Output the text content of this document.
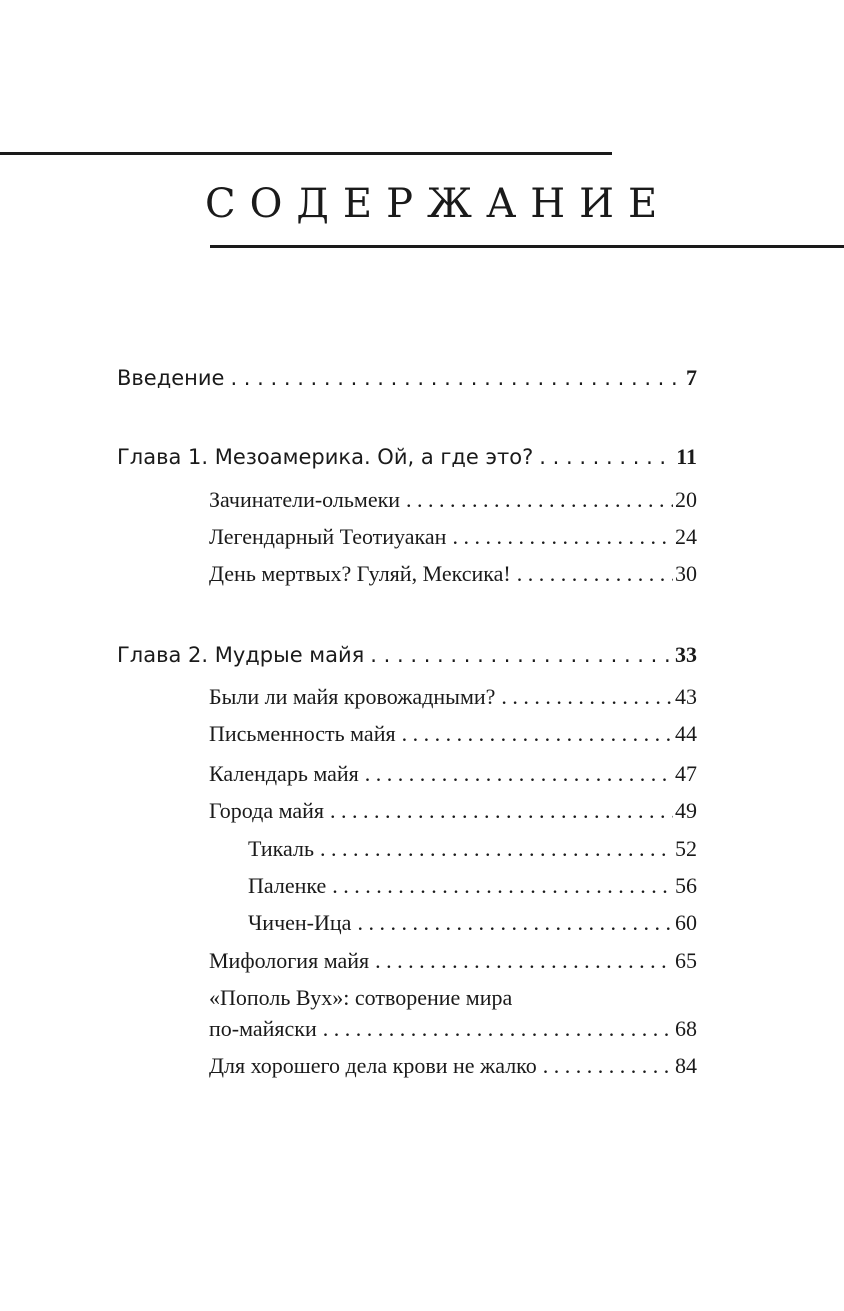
СОДЕРЖАНИЕ
Введение . . .	7
Глава 1. Мезоамерика. Ой, а где это? . . .	11
Зачинатели-ольмеки . . .	20
Легендарный Теотиуакан . . .	24
День мертвых? Гуляй, Мексика! . . .	30
Глава 2. Мудрые майя . . .	33
Были ли майя кровожадными? . . .	43
Письменность майя . . .	44
Календарь майя . . .	47
Города майя . . .	49
Тикаль . . .	52
Паленке . . .	56
Чичен-Ица . . .	60
Мифология майя . . .	65
«Пополь Вух»: сотворение мира
по-майяски . . .	68
Для хорошего дела крови не жалко . . .	84
